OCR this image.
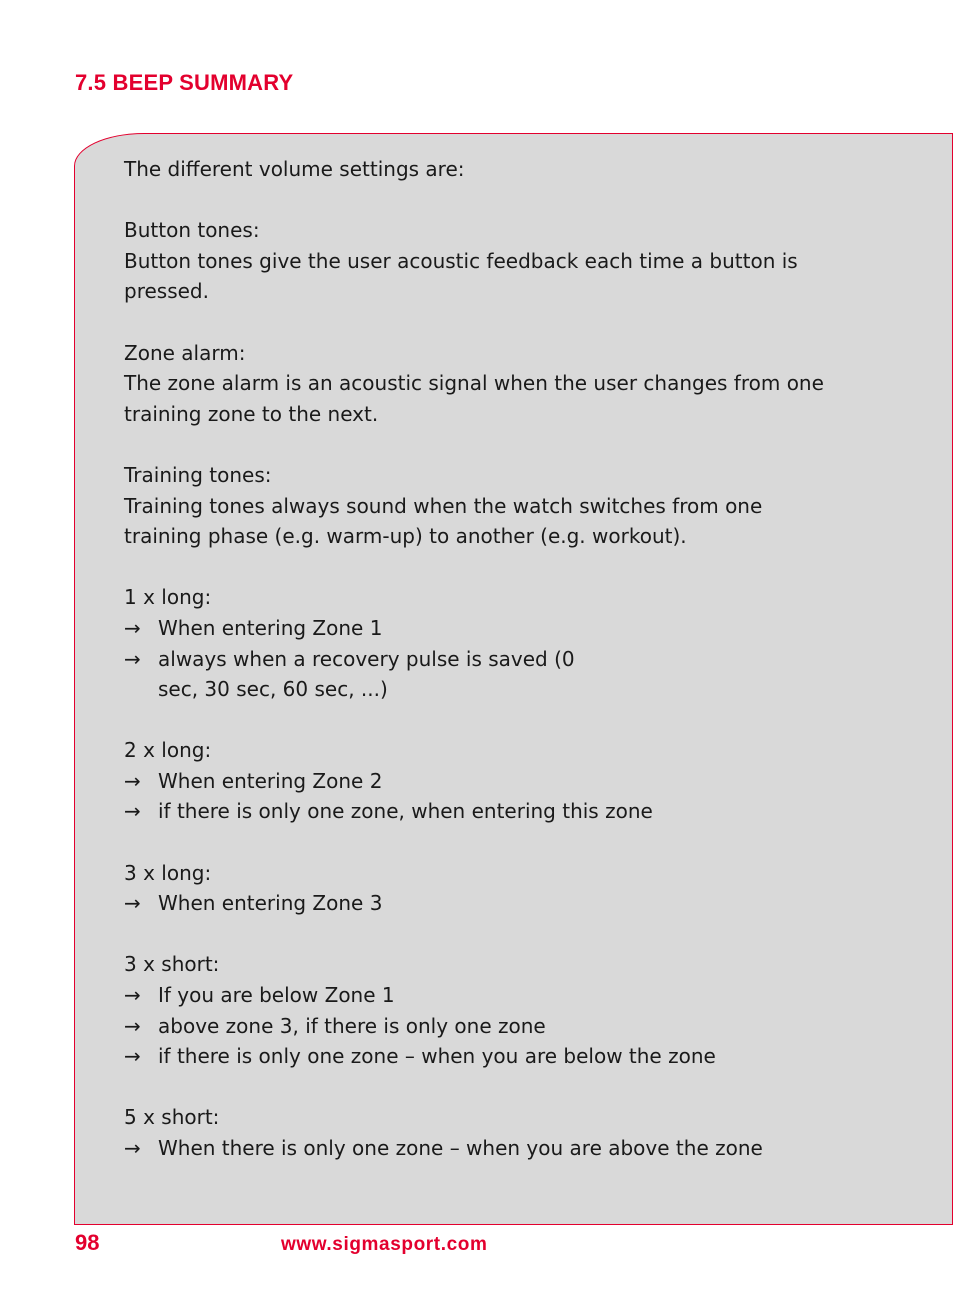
7.5 BEEP SUMMARY

The different volume settings are:

Button tones:

Button tones give the user acoustic feedback each time a button is pressed.

Zone alarm:

The zone alarm is an acoustic signal when the user changes from one training zone to the next.

Training tones:

Training tones always sound when the watch switches from one training phase (e.g. warm-up) to another (e.g. workout).

1 x long:

→ When entering Zone 1
→ always when a recovery pulse is saved (0 sec, 30 sec, 60 sec, ...)

2 x long:

→ When entering Zone 2
→ if there is only one zone, when entering this zone

3 x long:

→ When entering Zone 3

3 x short:

→ If you are below Zone 1
→ above zone 3, if there is only one zone
→ if there is only one zone – when you are below the zone

5 x short:

→ When there is only one zone – when you are above the zone
98	www.sigmasport.com
